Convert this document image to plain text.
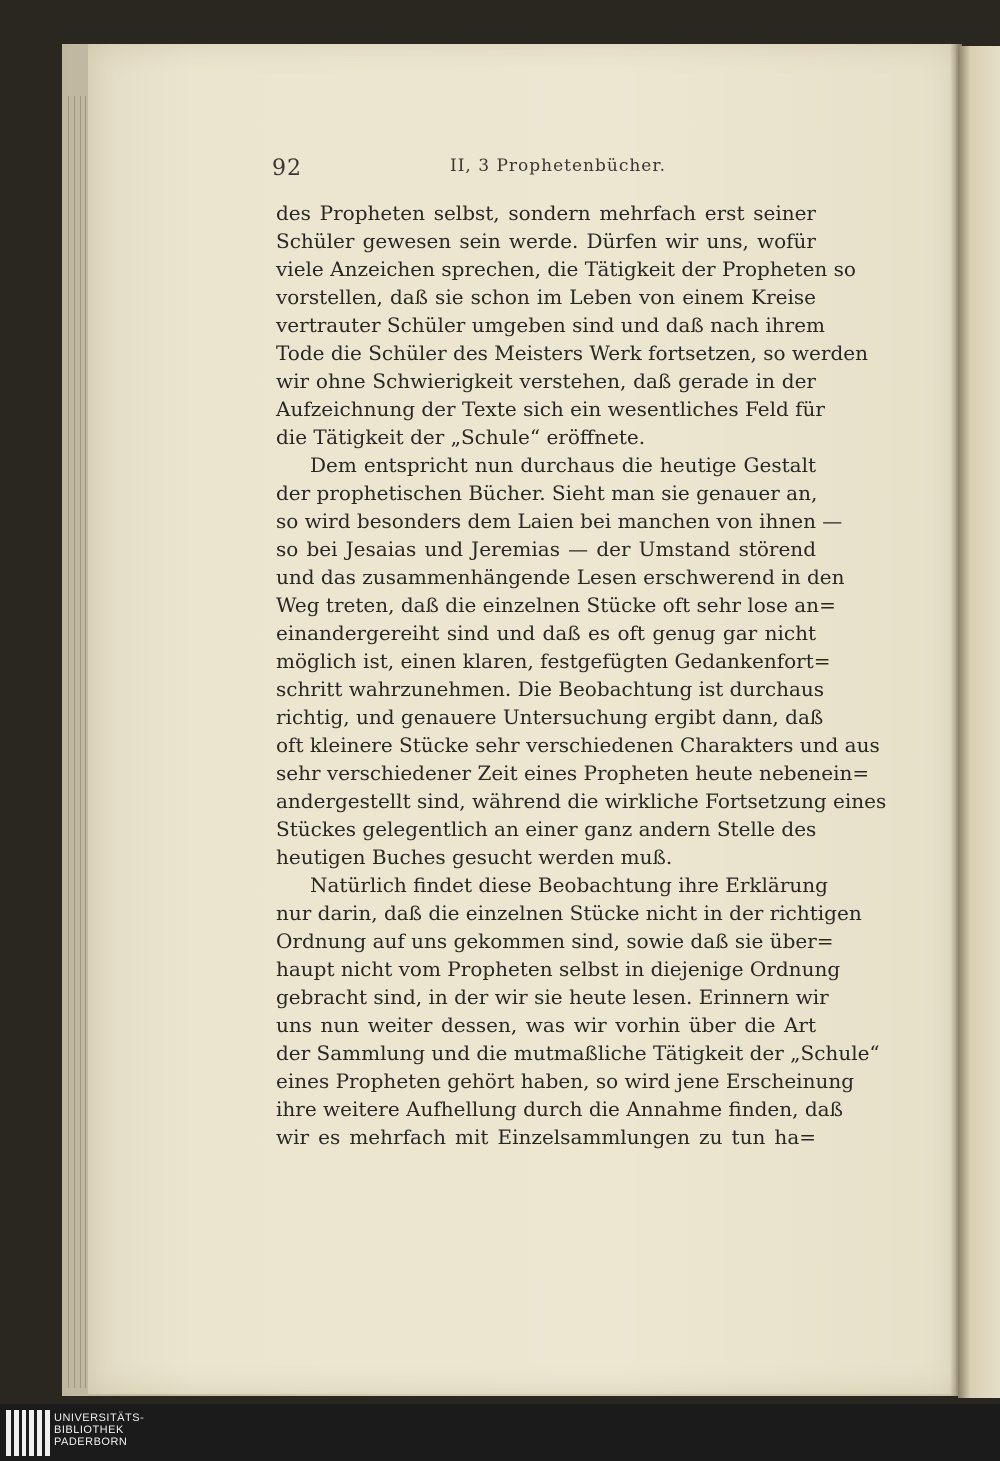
92	II, 3 Prophetenbücher.
des Propheten selbst, sondern mehrfach erst seiner
Schüler gewesen sein werde. Dürfen wir uns, wofür
viele Anzeichen sprechen, die Tätigkeit der Propheten so
vorstellen, daß sie schon im Leben von einem Kreise
vertrauter Schüler umgeben sind und daß nach ihrem
Tode die Schüler des Meisters Werk fortsetzen, so werden
wir ohne Schwierigkeit verstehen, daß gerade in der
Aufzeichnung der Texte sich ein wesentliches Feld für
die Tätigkeit der „Schule“ eröffnete.
Dem entspricht nun durchaus die heutige Gestalt
der prophetischen Bücher. Sieht man sie genauer an,
so wird besonders dem Laien bei manchen von ihnen —
so bei Jesaias und Jeremias — der Umstand störend
und das zusammenhängende Lesen erschwerend in den
Weg treten, daß die einzelnen Stücke oft sehr lose an=
einandergereiht sind und daß es oft genug gar nicht
möglich ist, einen klaren, festgefügten Gedankenfort=
schritt wahrzunehmen. Die Beobachtung ist durchaus
richtig, und genauere Untersuchung ergibt dann, daß
oft kleinere Stücke sehr verschiedenen Charakters und aus
sehr verschiedener Zeit eines Propheten heute nebenein=
andergestellt sind, während die wirkliche Fortsetzung eines
Stückes gelegentlich an einer ganz andern Stelle des
heutigen Buches gesucht werden muß.
Natürlich findet diese Beobachtung ihre Erklärung
nur darin, daß die einzelnen Stücke nicht in der richtigen
Ordnung auf uns gekommen sind, sowie daß sie über=
haupt nicht vom Propheten selbst in diejenige Ordnung
gebracht sind, in der wir sie heute lesen. Erinnern wir
uns nun weiter dessen, was wir vorhin über die Art
der Sammlung und die mutmaßliche Tätigkeit der „Schule“
eines Propheten gehört haben, so wird jene Erscheinung
ihre weitere Aufhellung durch die Annahme finden, daß
wir es mehrfach mit Einzelsammlungen zu tun ha=
UNIVERSITÄTS-
BIBLIOTHEK
PADERBORN
